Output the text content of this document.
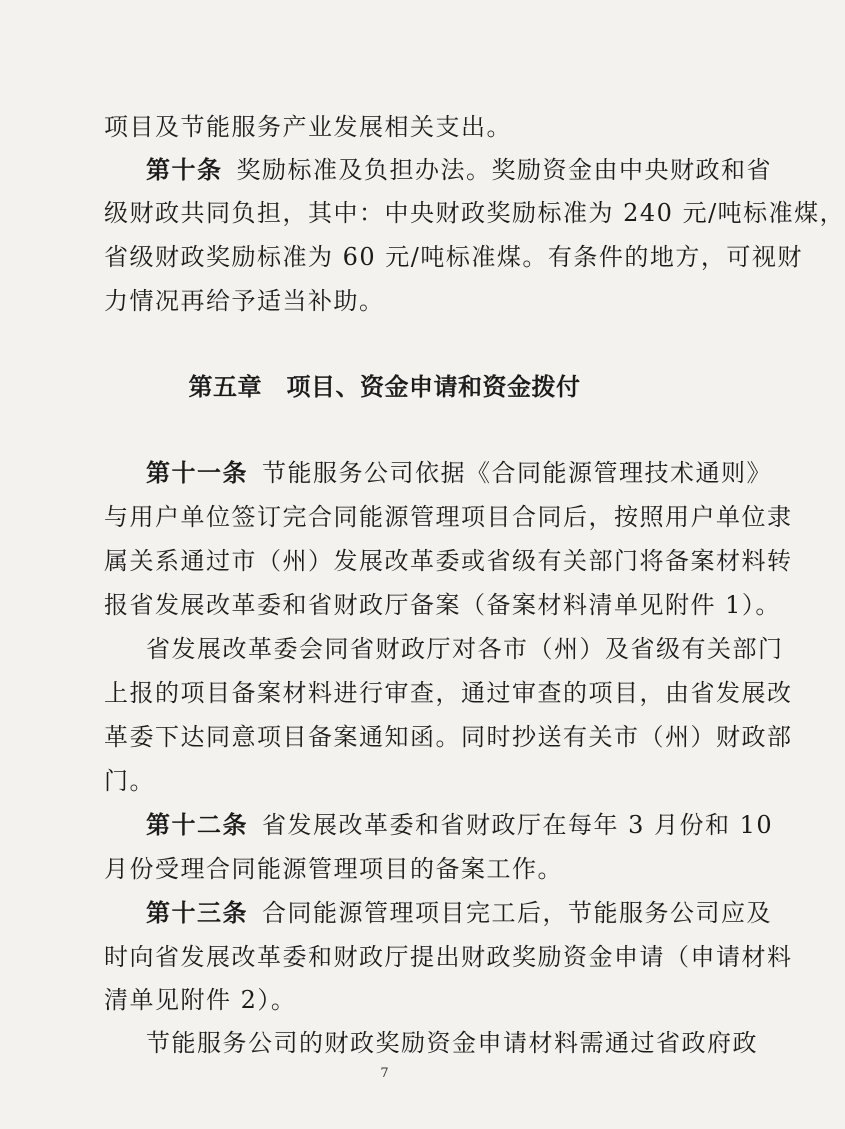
项目及节能服务产业发展相关支出。
第十条 奖励标准及负担办法。奖励资金由中央财政和省
级财政共同负担，其中：中央财政奖励标准为 240 元/吨标准煤，
省级财政奖励标准为 60 元/吨标准煤。有条件的地方，可视财
力情况再给予适当补助。
第五章　项目、资金申请和资金拨付
第十一条 节能服务公司依据《合同能源管理技术通则》
与用户单位签订完合同能源管理项目合同后，按照用户单位隶
属关系通过市（州）发展改革委或省级有关部门将备案材料转
报省发展改革委和省财政厅备案（备案材料清单见附件 1）。
省发展改革委会同省财政厅对各市（州）及省级有关部门
上报的项目备案材料进行审查，通过审查的项目，由省发展改
革委下达同意项目备案通知函。同时抄送有关市（州）财政部
门。
第十二条 省发展改革委和省财政厅在每年 3 月份和 10
月份受理合同能源管理项目的备案工作。
第十三条 合同能源管理项目完工后，节能服务公司应及
时向省发展改革委和财政厅提出财政奖励资金申请（申请材料
清单见附件 2）。
节能服务公司的财政奖励资金申请材料需通过省政府政
7
